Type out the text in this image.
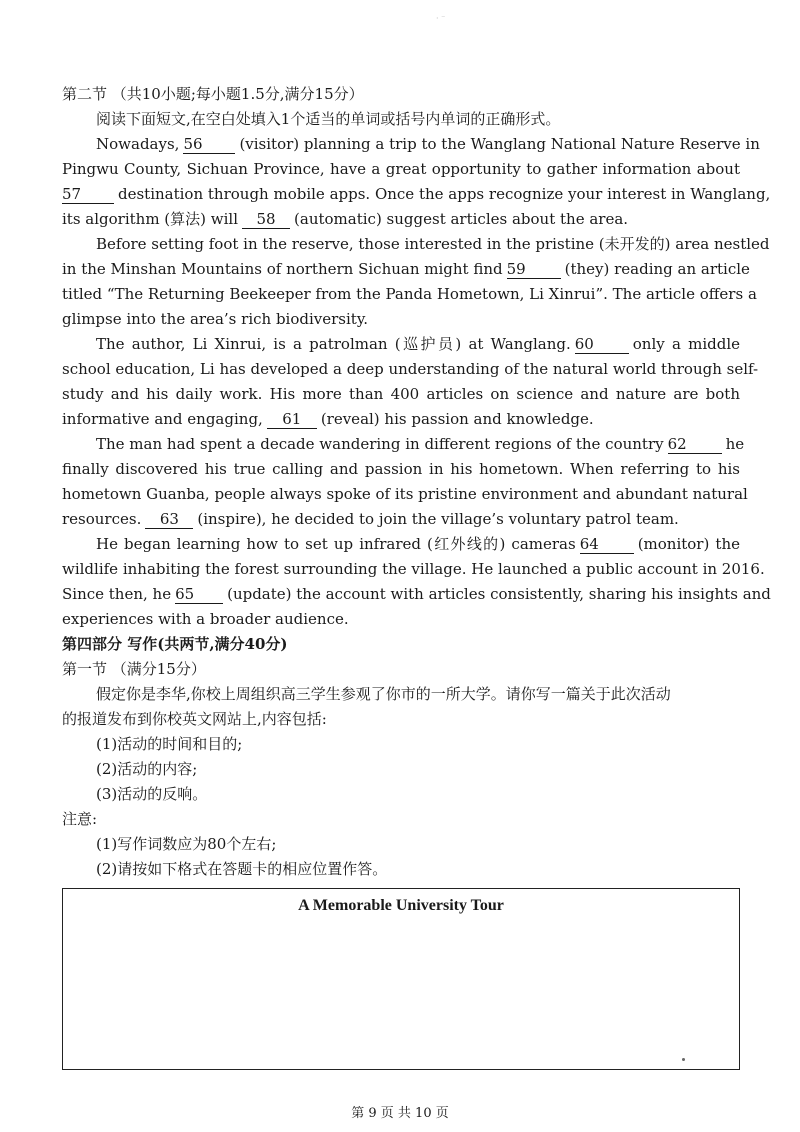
· ⁻
第二节 （共10小题;每小题1.5分,满分15分）
阅读下面短文,在空白处填入1个适当的单词或括号内单词的正确形式。
Nowadays, 56 (visitor) planning a trip to the Wanglang National Nature Reserve in
Pingwu County, Sichuan Province, have a great opportunity to gather information about
57 destination through mobile apps. Once the apps recognize your interest in Wanglang,
its algorithm (算法) will 58 (automatic) suggest articles about the area.
Before setting foot in the reserve, those interested in the pristine (未开发的) area nestled
in the Minshan Mountains of northern Sichuan might find 59	(they) reading an article
titled “The Returning Beekeeper from the Panda Hometown, Li Xinrui”. The article offers a
glimpse into the area’s rich biodiversity.
The author, Li Xinrui, is a patrolman (巡护员) at Wanglang. 60	only a middle
school education, Li has developed a deep understanding of the natural world through self-
study and his daily work. His more than 400 articles on science and nature are both
informative and engaging, 61 (reveal) his passion and knowledge.
The man had spent a decade wandering in different regions of the country 62	he
finally discovered his true calling and passion in his hometown. When referring to his
hometown Guanba, people always spoke of its pristine environment and abundant natural
resources. 63 (inspire), he decided to join the village’s voluntary patrol team.
He began learning how to set up infrared (红外线的) cameras 64	(monitor) the
wildlife inhabiting the forest surrounding the village. He launched a public account in 2016.
Since then, he 65 (update) the account with articles consistently, sharing his insights and
experiences with a broader audience.
第四部分 写作(共两节,满分40分)
第一节 （满分15分）
假定你是李华,你校上周组织高三学生参观了你市的一所大学。请你写一篇关于此次活动
的报道发布到你校英文网站上,内容包括:
(1)活动的时间和目的;
(2)活动的内容;
(3)活动的反响。
注意:
(1)写作词数应为80个左右;
(2)请按如下格式在答题卡的相应位置作答。
A Memorable University Tour
第 9 页 共 10 页
